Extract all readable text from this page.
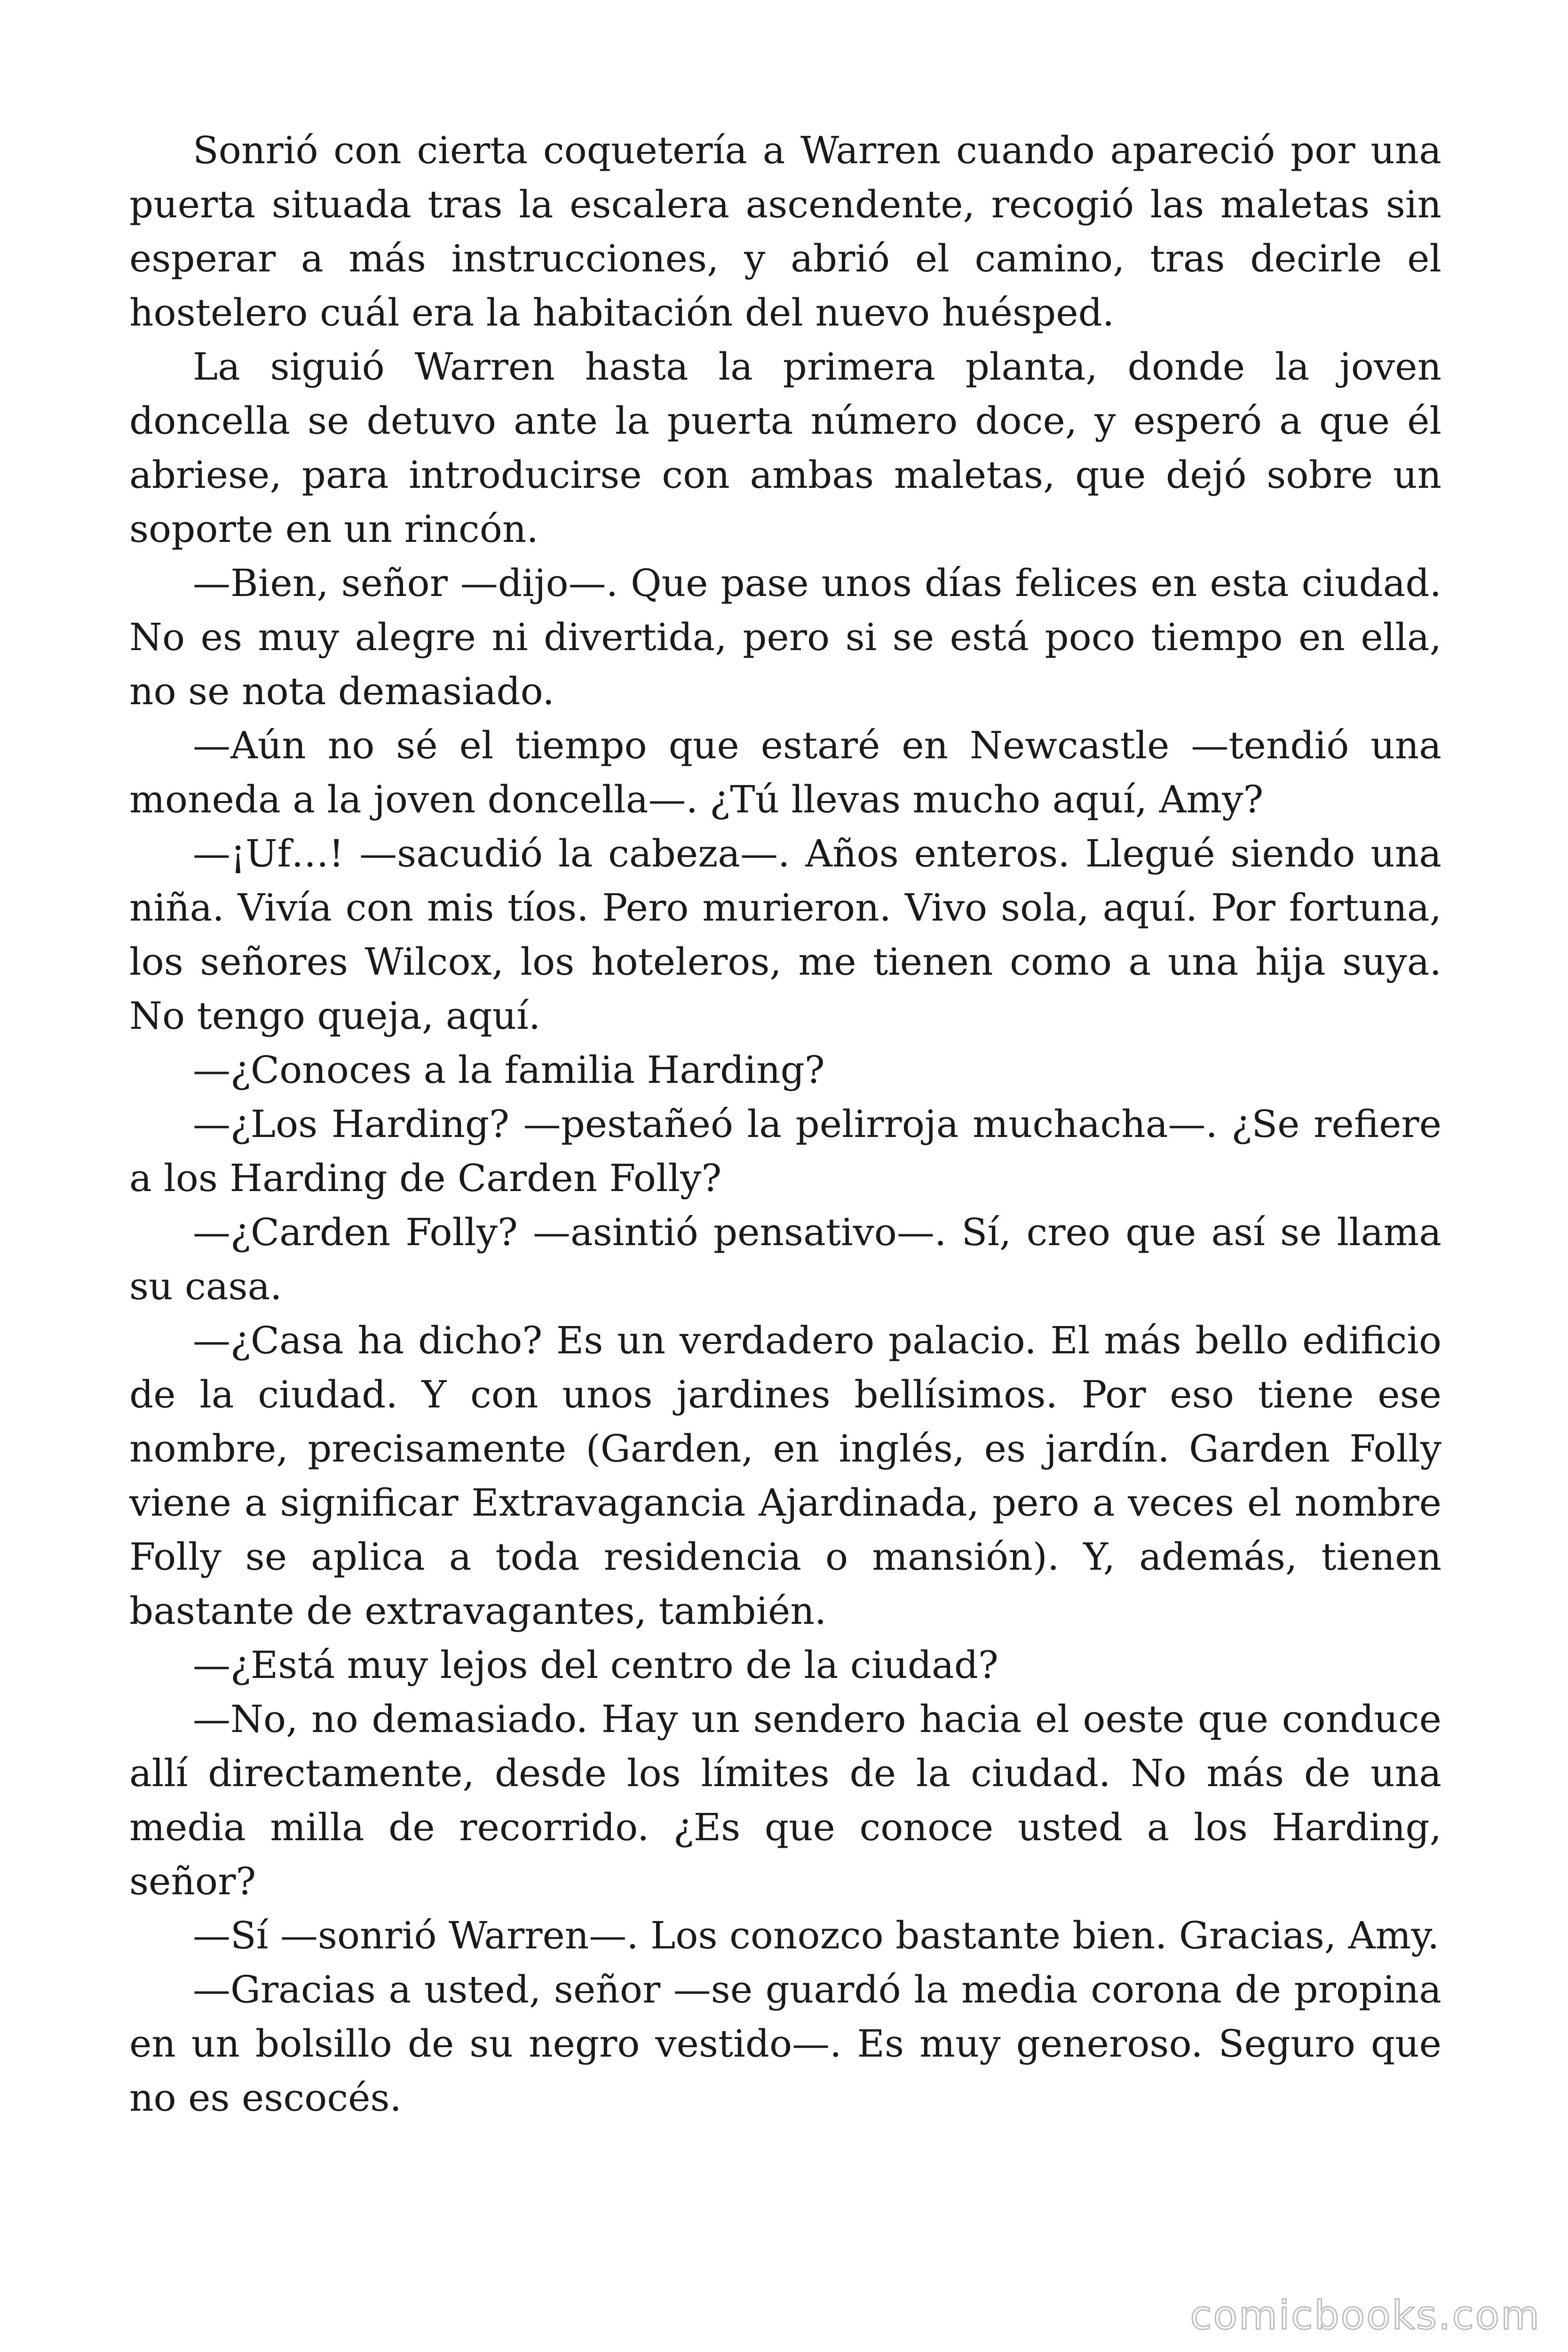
Sonrió con cierta coquetería a Warren cuando apareció por una puerta situada tras la escalera ascendente, recogió las maletas sin esperar a más instrucciones, y abrió el camino, tras decirle el hostelero cuál era la habitación del nuevo huésped.

La siguió Warren hasta la primera planta, donde la joven doncella se detuvo ante la puerta número doce, y esperó a que él abriese, para introducirse con ambas maletas, que dejó sobre un soporte en un rincón.

—Bien, señor —dijo—. Que pase unos días felices en esta ciudad. No es muy alegre ni divertida, pero si se está poco tiempo en ella, no se nota demasiado.

—Aún no sé el tiempo que estaré en Newcastle —tendió una moneda a la joven doncella—. ¿Tú llevas mucho aquí, Amy?

—¡Uf…! —sacudió la cabeza—. Años enteros. Llegué siendo una niña. Vivía con mis tíos. Pero murieron. Vivo sola, aquí. Por fortuna, los señores Wilcox, los hoteleros, me tienen como a una hija suya. No tengo queja, aquí.

—¿Conoces a la familia Harding?

—¿Los Harding? —pestañeó la pelirroja muchacha—. ¿Se refiere a los Harding de Carden Folly?

—¿Carden Folly? —asintió pensativo—. Sí, creo que así se llama su casa.

—¿Casa ha dicho? Es un verdadero palacio. El más bello edificio de la ciudad. Y con unos jardines bellísimos. Por eso tiene ese nombre, precisamente (Garden, en inglés, es jardín. Garden Folly viene a significar Extravagancia Ajardinada, pero a veces el nombre Folly se aplica a toda residencia o mansión). Y, además, tienen bastante de extravagantes, también.

—¿Está muy lejos del centro de la ciudad?

—No, no demasiado. Hay un sendero hacia el oeste que conduce allí directamente, desde los límites de la ciudad. No más de una media milla de recorrido. ¿Es que conoce usted a los Harding, señor?

—Sí —sonrió Warren—. Los conozco bastante bien. Gracias, Amy.

—Gracias a usted, señor —se guardó la media corona de propina en un bolsillo de su negro vestido—. Es muy generoso. Seguro que no es escocés.

comicbooks.com
